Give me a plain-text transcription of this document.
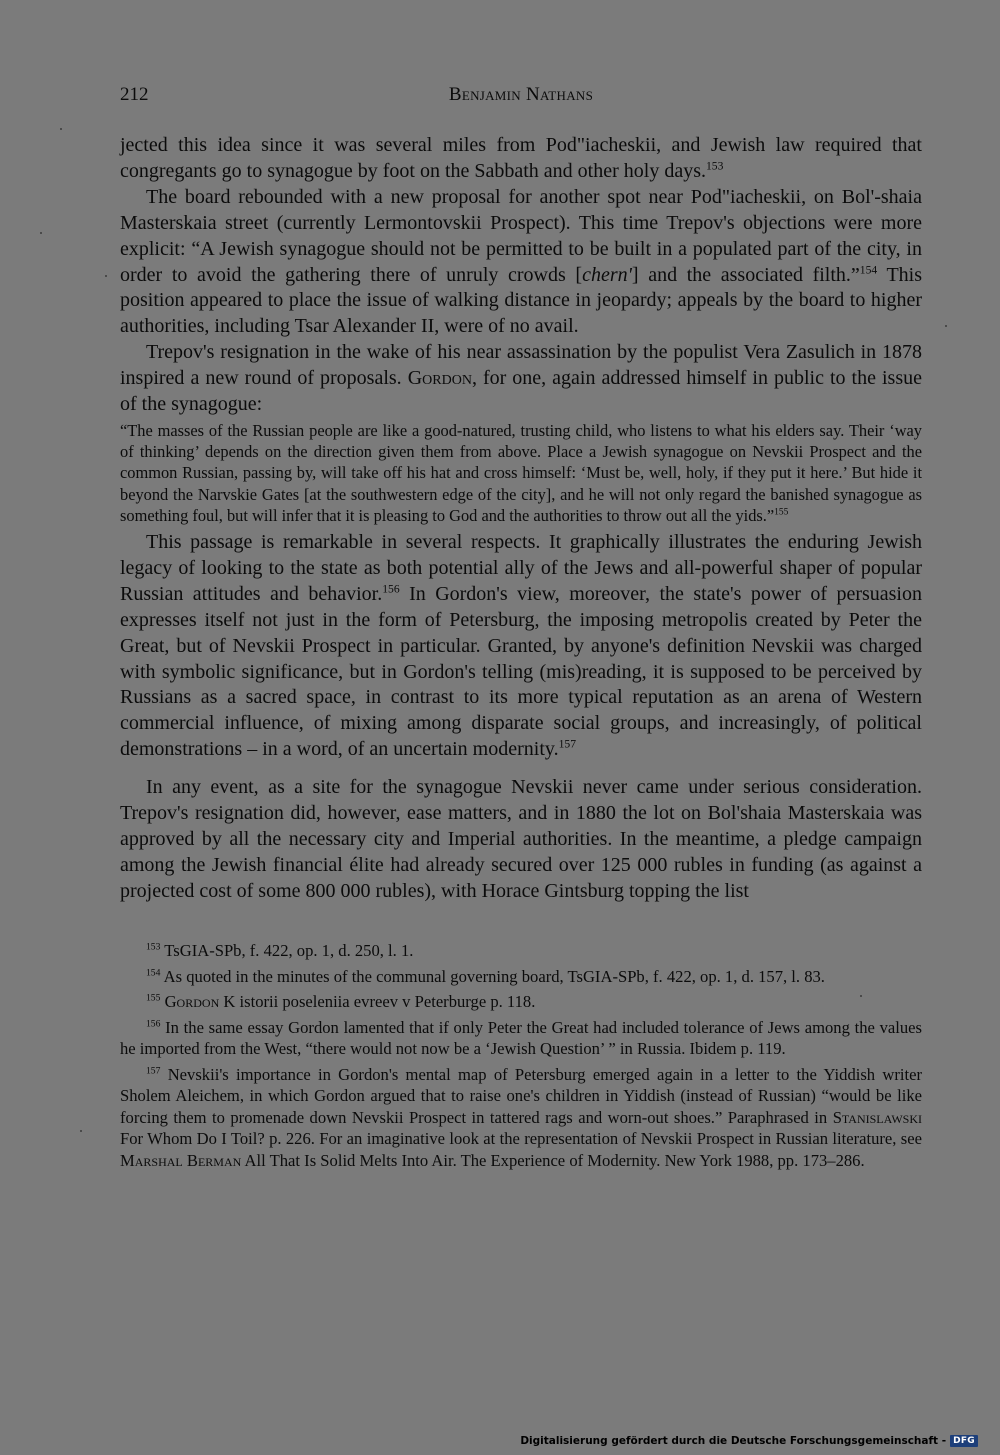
212	Benjamin Nathans

jected this idea since it was several miles from Pod"iacheskii, and Jewish law required that congregants go to synagogue by foot on the Sabbath and other holy days.$^{153}$

The board rebounded with a new proposal for another spot near Pod"iacheskii, on Bol'-shaia Masterskaia street (currently Lermontovskii Prospect). This time Trepov's objections were more explicit: “A Jewish synagogue should not be permitted to be built in a populated part of the city, in order to avoid the gathering there of unruly crowds [chern'] and the associated filth.”$^{154}$ This position appeared to place the issue of walking distance in jeopardy; appeals by the board to higher authorities, including Tsar Alexander II, were of no avail.

Trepov's resignation in the wake of his near assassination by the populist Vera Zasulich in 1878 inspired a new round of proposals. Gordon, for one, again addressed himself in public to the issue of the synagogue:

“The masses of the Russian people are like a good-natured, trusting child, who listens to what his elders say. Their ‘way of thinking’ depends on the direction given them from above. Place a Jewish synagogue on Nevskii Prospect and the common Russian, passing by, will take off his hat and cross himself: ‘Must be, well, holy, if they put it here.’ But hide it beyond the Narvskie Gates [at the southwestern edge of the city], and he will not only regard the banished synagogue as something foul, but will infer that it is pleasing to God and the authorities to throw out all the yids.”$^{155}$

This passage is remarkable in several respects. It graphically illustrates the enduring Jewish legacy of looking to the state as both potential ally of the Jews and all-powerful shaper of popular Russian attitudes and behavior.$^{156}$ In Gordon's view, moreover, the state's power of persuasion expresses itself not just in the form of Petersburg, the imposing metropolis created by Peter the Great, but of Nevskii Prospect in particular. Granted, by anyone's definition Nevskii was charged with symbolic significance, but in Gordon's telling (mis)reading, it is supposed to be perceived by Russians as a sacred space, in contrast to its more typical reputation as an arena of Western commercial influence, of mixing among disparate social groups, and increasingly, of political demonstrations – in a word, of an uncertain modernity.$^{157}$

In any event, as a site for the synagogue Nevskii never came under serious consideration. Trepov's resignation did, however, ease matters, and in 1880 the lot on Bol'shaia Masterskaia was approved by all the necessary city and Imperial authorities. In the meantime, a pledge campaign among the Jewish financial élite had already secured over 125 000 rubles in funding (as against a projected cost of some 800 000 rubles), with Horace Gintsburg topping the list

$^{153}$ TsGIA-SPb, f. 422, op. 1, d. 250, l. 1.

$^{154}$ As quoted in the minutes of the communal governing board, TsGIA-SPb, f. 422, op. 1, d. 157, l. 83.

$^{155}$ Gordon K istorii poseleniia evreev v Peterburge p. 118.

$^{156}$ In the same essay Gordon lamented that if only Peter the Great had included tolerance of Jews among the values he imported from the West, “there would not now be a ‘Jewish Question’ ” in Russia. Ibidem p. 119.

$^{157}$ Nevskii's importance in Gordon's mental map of Petersburg emerged again in a letter to the Yiddish writer Sholem Aleichem, in which Gordon argued that to raise one's children in Yiddish (instead of Russian) “would be like forcing them to promenade down Nevskii Prospect in tattered rags and worn-out shoes.” Paraphrased in Stanislawski For Whom Do I Toil? p. 226. For an imaginative look at the representation of Nevskii Prospect in Russian literature, see Marshal Berman All That Is Solid Melts Into Air. The Experience of Modernity. New York 1988, pp. 173–286.

Digitalisierung gefördert durch die Deutsche Forschungsgemeinschaft - DFG
